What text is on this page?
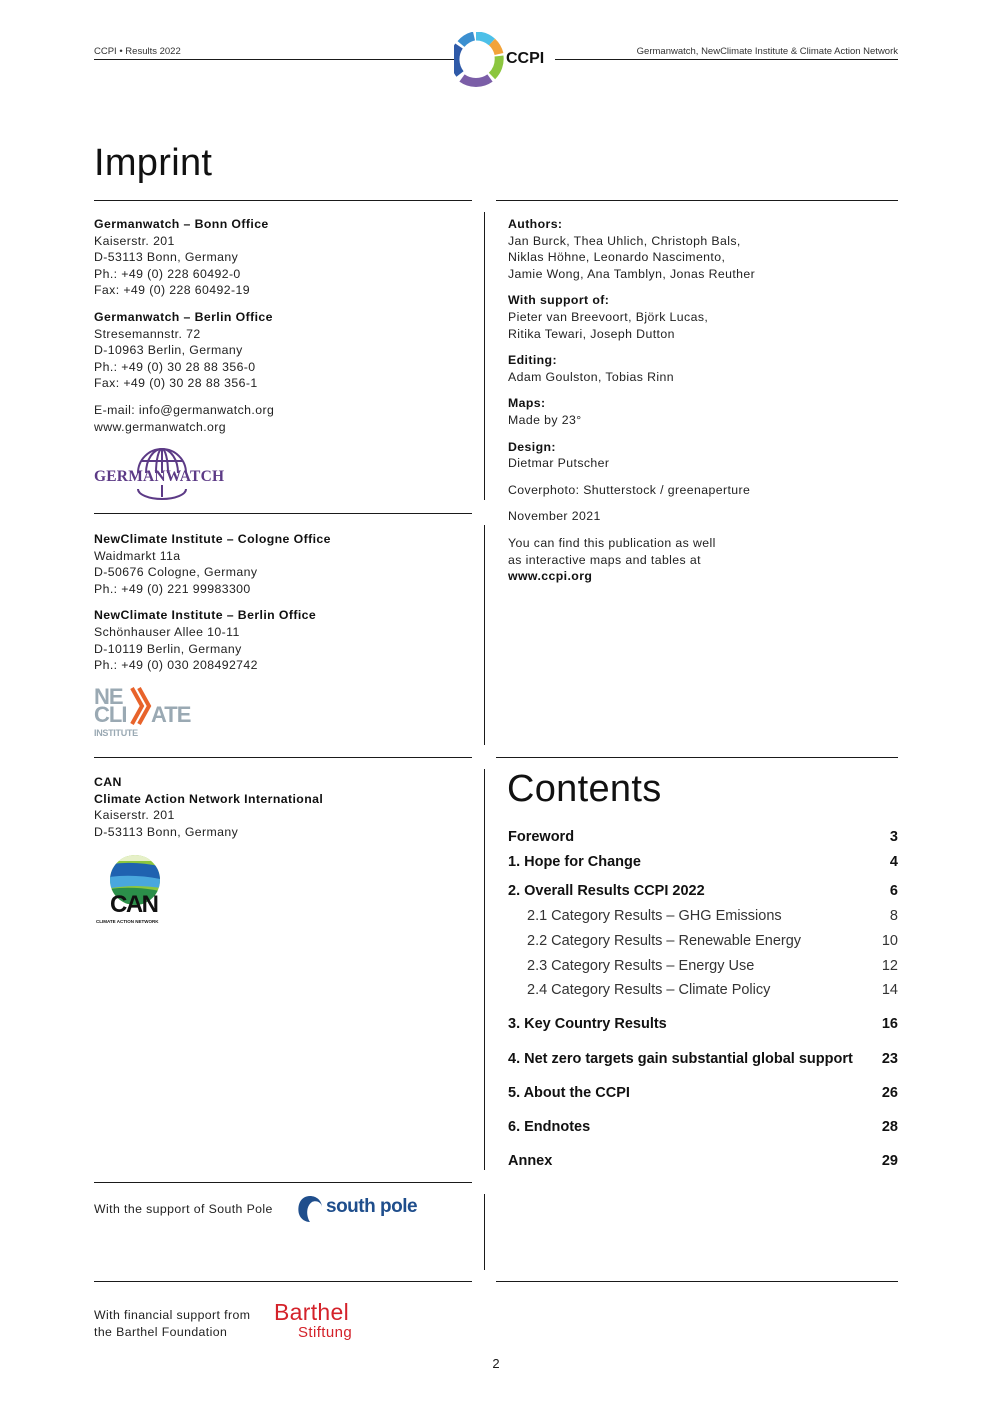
CCPI • Results 2022	Germanwatch, NewClimate Institute & Climate Action Network
CCPI
Imprint
Germanwatch – Bonn Office
Kaiserstr. 201
D-53113 Bonn, Germany
Ph.: +49 (0) 228 60492-0
Fax: +49 (0) 228 60492-19
Germanwatch – Berlin Office
Stresemannstr. 72
D-10963 Berlin, Germany
Ph.: +49 (0) 30 28 88 356-0
Fax: +49 (0) 30 28 88 356-1
E-mail: info@germanwatch.org
www.germanwatch.org
GERMANWATCH
NewClimate Institute – Cologne Office
Waidmarkt 11a
D-50676 Cologne, Germany
Ph.: +49 (0) 221 99983300
NewClimate Institute – Berlin Office
Schönhauser Allee 10-11
D-10119 Berlin, Germany
Ph.: +49 (0) 030 208492742
NE
CLI ATE
INSTITUTE
CAN
Climate Action Network International
Kaiserstr. 201
D-53113 Bonn, Germany
CAN
CLIMATE ACTION NETWORK
With the support of South Pole	south pole
With financial support from
the Barthel Foundation
Barthel
Stiftung
Authors:
Jan Burck, Thea Uhlich, Christoph Bals,
Niklas Höhne, Leonardo Nascimento,
Jamie Wong, Ana Tamblyn, Jonas Reuther
With support of:
Pieter van Breevoort, Björk Lucas,
Ritika Tewari, Joseph Dutton
Editing:
Adam Goulston, Tobias Rinn
Maps:
Made by 23°
Design:
Dietmar Putscher
Coverphoto: Shutterstock / greenaperture
November 2021
You can find this publication as well
as interactive maps and tables at
www.ccpi.org
Contents
Foreword	3
1. Hope for Change	4
2. Overall Results CCPI 2022	6
2.1 Category Results – GHG Emissions	8
2.2 Category Results – Renewable Energy	10
2.3 Category Results – Energy Use	12
2.4 Category Results – Climate Policy	14
3. Key Country Results	16
4. Net zero targets gain substantial global support 23
5. About the CCPI	26
6. Endnotes	28
Annex	29
2
